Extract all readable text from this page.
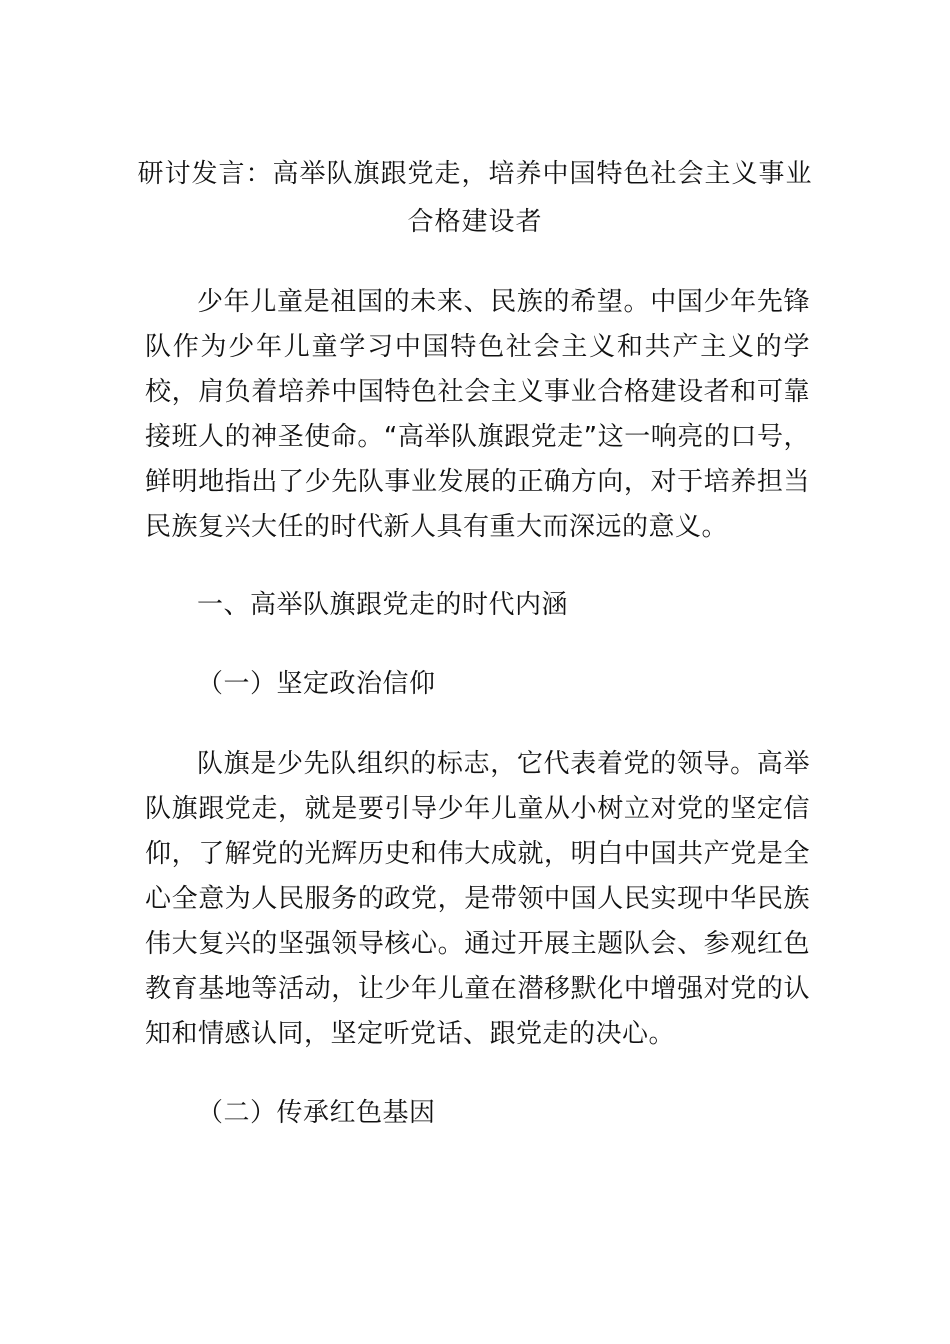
研讨发言：高举队旗跟党走，培养中国特色社会主义事业
合格建设者

少年儿童是祖国的未来、民族的希望。中国少年先锋队作为少年儿童学习中国特色社会主义和共产主义的学校，肩负着培养中国特色社会主义事业合格建设者和可靠接班人的神圣使命。“高举队旗跟党走”这一响亮的口号，鲜明地指出了少先队事业发展的正确方向，对于培养担当民族复兴大任的时代新人具有重大而深远的意义。

一、高举队旗跟党走的时代内涵

（一）坚定政治信仰

队旗是少先队组织的标志，它代表着党的领导。高举队旗跟党走，就是要引导少年儿童从小树立对党的坚定信仰，了解党的光辉历史和伟大成就，明白中国共产党是全心全意为人民服务的政党，是带领中国人民实现中华民族伟大复兴的坚强领导核心。通过开展主题队会、参观红色教育基地等活动，让少年儿童在潜移默化中增强对党的认知和情感认同，坚定听党话、跟党走的决心。

（二）传承红色基因
